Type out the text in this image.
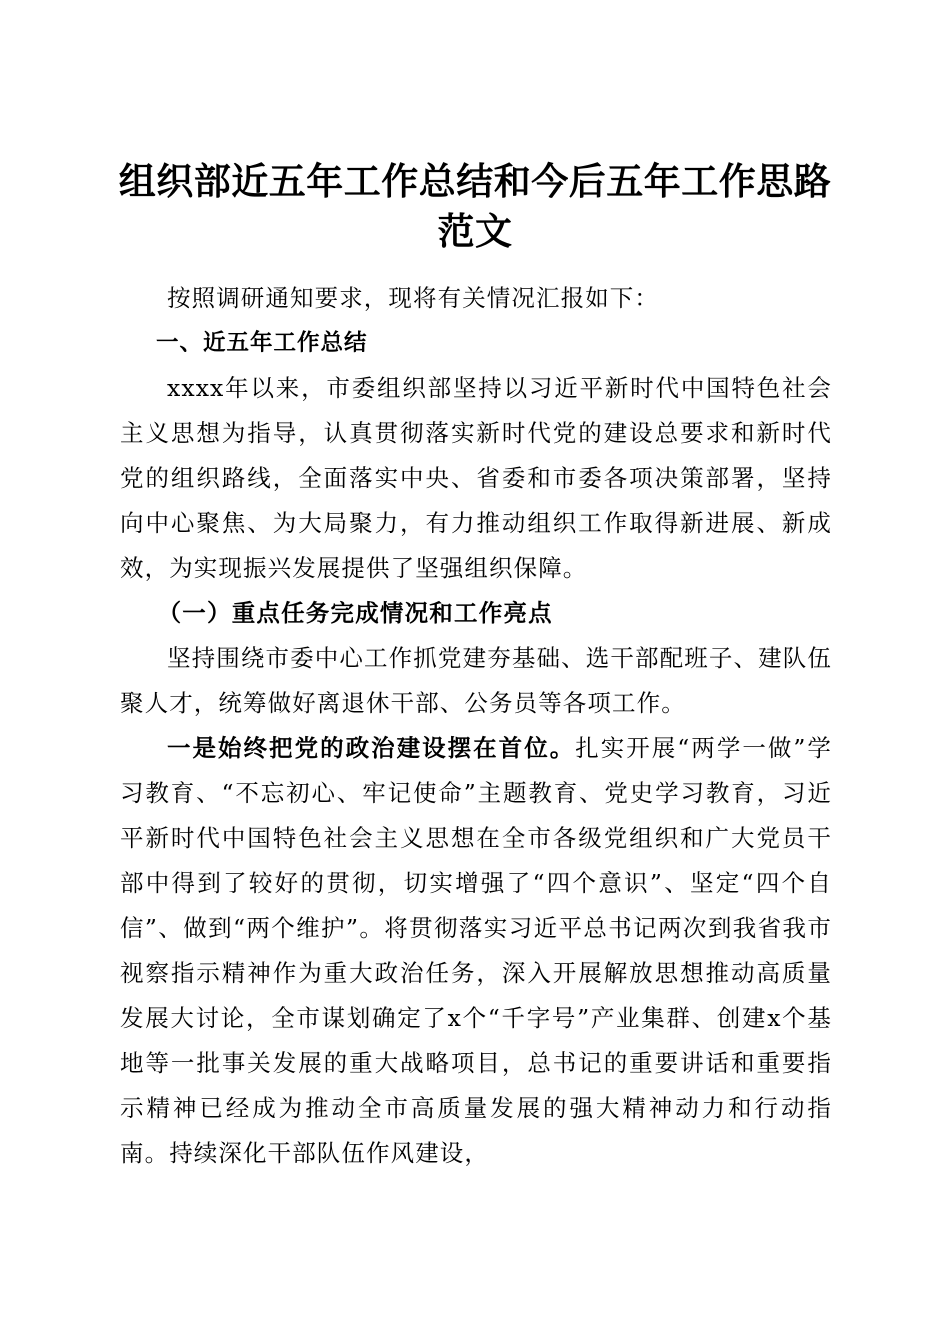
组织部近五年工作总结和今后五年工作思路范文

按照调研通知要求，现将有关情况汇报如下：

一、近五年工作总结

xxxx年以来，市委组织部坚持以习近平新时代中国特色社会主义思想为指导，认真贯彻落实新时代党的建设总要求和新时代党的组织路线，全面落实中央、省委和市委各项决策部署，坚持向中心聚焦、为大局聚力，有力推动组织工作取得新进展、新成效，为实现振兴发展提供了坚强组织保障。

（一）重点任务完成情况和工作亮点

坚持围绕市委中心工作抓党建夯基础、选干部配班子、建队伍聚人才，统筹做好离退休干部、公务员等各项工作。

一是始终把党的政治建设摆在首位。扎实开展“两学一做”学习教育、“不忘初心、牢记使命”主题教育、党史学习教育，习近平新时代中国特色社会主义思想在全市各级党组织和广大党员干部中得到了较好的贯彻，切实增强了“四个意识”、坚定“四个自信”、做到“两个维护”。将贯彻落实习近平总书记两次到我省我市视察指示精神作为重大政治任务，深入开展解放思想推动高质量发展大讨论，全市谋划确定了x个“千字号”产业集群、创建x个基地等一批事关发展的重大战略项目，总书记的重要讲话和重要指示精神已经成为推动全市高质量发展的强大精神动力和行动指南。持续深化干部队伍作风建设，
